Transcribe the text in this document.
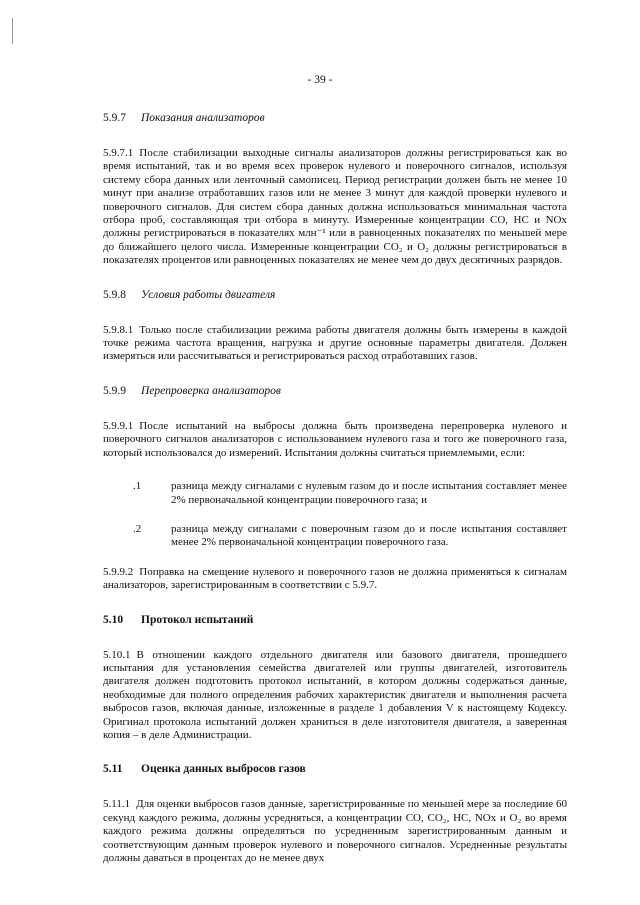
- 39 -
5.9.7 Показания анализаторов

5.9.7.1 После стабилизации выходные сигналы анализаторов должны регистрироваться как во время испытаний, так и во время всех проверок нулевого и поверочного сигналов, используя систему сбора данных или ленточный самописец. Период регистрации должен быть не менее 10 минут при анализе отработавших газов или не менее 3 минут для каждой проверки нулевого и поверочного сигналов. Для систем сбора данных должна использоваться минимальная частота отбора проб, составляющая три отбора в минуту. Измеренные концентрации CO, HC и NOx должны регистрироваться в показателях млн⁻¹ или в равноценных показателях по меньшей мере до ближайшего целого числа. Измеренные концентрации CO₂ и O₂ должны регистрироваться в показателях процентов или равноценных показателях не менее чем до двух десятичных разрядов.

5.9.8 Условия работы двигателя

5.9.8.1 Только после стабилизации режима работы двигателя должны быть измерены в каждой точке режима частота вращения, нагрузка и другие основные параметры двигателя. Должен измеряться или рассчитываться и регистрироваться расход отработавших газов.

5.9.9 Перепроверка анализаторов

5.9.9.1 После испытаний на выбросы должна быть произведена перепроверка нулевого и поверочного сигналов анализаторов с использованием нулевого газа и того же поверочного газа, который использовался до измерений. Испытания должны считаться приемлемыми, если:

.1	разница между сигналами с нулевым газом до и после испытания составляет менее 2% первоначальной концентрации поверочного газа; и
.2	разница между сигналами с поверочным газом до и после испытания составляет менее 2% первоначальной концентрации поверочного газа.

5.9.9.2 Поправка на смещение нулевого и поверочного газов не должна применяться к сигналам анализаторов, зарегистрированным в соответствии с 5.9.7.

5.10 Протокол испытаний

5.10.1 В отношении каждого отдельного двигателя или базового двигателя, прошедшего испытания для установления семейства двигателей или группы двигателей, изготовитель двигателя должен подготовить протокол испытаний, в котором должны содержаться данные, необходимые для полного определения рабочих характеристик двигателя и выполнения расчета выбросов газов, включая данные, изложенные в разделе 1 добавления V к настоящему Кодексу. Оригинал протокола испытаний должен храниться в деле изготовителя двигателя, а заверенная копия – в деле Администрации.

5.11 Оценка данных выбросов газов

5.11.1 Для оценки выбросов газов данные, зарегистрированные по меньшей мере за последние 60 секунд каждого режима, должны усредняться, а концентрации CO, CO₂, HC, NOx и O₂ во время каждого режима должны определяться по усредненным зарегистрированным данным и соответствующим данным проверок нулевого и поверочного сигналов. Усредненные результаты должны даваться в процентах до не менее двух
